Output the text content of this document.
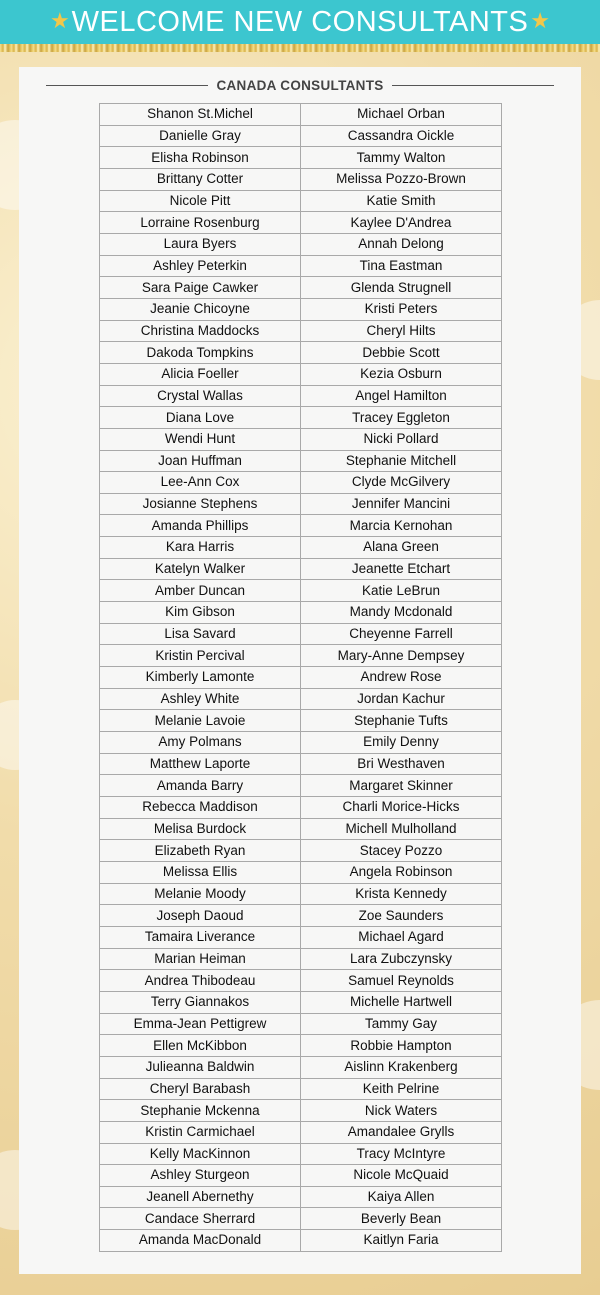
★ WELCOME NEW CONSULTANTS ★
CANADA CONSULTANTS
Shanon St.Michel	Michael Orban
Danielle Gray	Cassandra Oickle
Elisha Robinson	Tammy Walton
Brittany Cotter	Melissa Pozzo-Brown
Nicole Pitt	Katie Smith
Lorraine Rosenburg	Kaylee D'Andrea
Laura Byers	Annah Delong
Ashley Peterkin	Tina Eastman
Sara Paige Cawker	Glenda Strugnell
Jeanie Chicoyne	Kristi Peters
Christina Maddocks	Cheryl Hilts
Dakoda Tompkins	Debbie Scott
Alicia Foeller	Kezia Osburn
Crystal Wallas	Angel Hamilton
Diana Love	Tracey Eggleton
Wendi Hunt	Nicki Pollard
Joan Huffman	Stephanie Mitchell
Lee-Ann Cox	Clyde McGilvery
Josianne Stephens	Jennifer Mancini
Amanda Phillips	Marcia Kernohan
Kara Harris	Alana Green
Katelyn Walker	Jeanette Etchart
Amber Duncan	Katie LeBrun
Kim Gibson	Mandy Mcdonald
Lisa Savard	Cheyenne Farrell
Kristin Percival	Mary-Anne Dempsey
Kimberly Lamonte	Andrew Rose
Ashley White	Jordan Kachur
Melanie Lavoie	Stephanie Tufts
Amy Polmans	Emily Denny
Matthew Laporte	Bri Westhaven
Amanda Barry	Margaret Skinner
Rebecca Maddison	Charli Morice-Hicks
Melisa Burdock	Michell Mulholland
Elizabeth Ryan	Stacey Pozzo
Melissa Ellis	Angela Robinson
Melanie Moody	Krista Kennedy
Joseph Daoud	Zoe Saunders
Tamaira Liverance	Michael Agard
Marian Heiman	Lara Zubczynsky
Andrea Thibodeau	Samuel Reynolds
Terry Giannakos	Michelle Hartwell
Emma-Jean Pettigrew	Tammy Gay
Ellen McKibbon	Robbie Hampton
Julieanna Baldwin	Aislinn Krakenberg
Cheryl Barabash	Keith Pelrine
Stephanie Mckenna	Nick Waters
Kristin Carmichael	Amandalee Grylls
Kelly MacKinnon	Tracy McIntyre
Ashley Sturgeon	Nicole McQuaid
Jeanell Abernethy	Kaiya Allen
Candace Sherrard	Beverly Bean
Amanda MacDonald	Kaitlyn Faria
